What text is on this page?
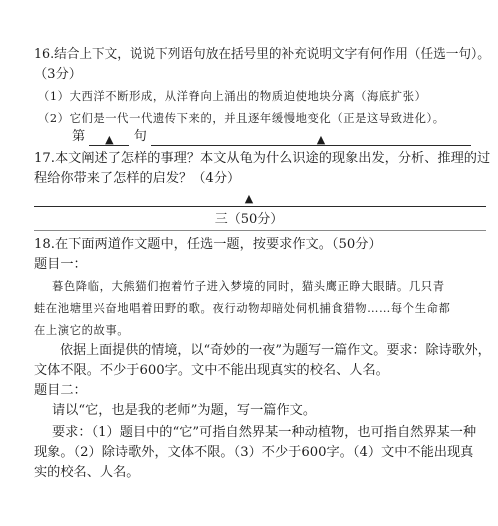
16.结合上下文，说说下列语句放在括号里的补充说明文字有何作用（任选一句）。
（3分）
（1）大西洋不断形成，从洋脊向上涌出的物质迫使地块分离（海底扩张）
（2）它们是一代一代遗传下来的，并且逐年缓慢地变化（正是这导致进化）。
第 ▲ 句	▲
17.本文阐述了怎样的事理？本文从龟为什么识途的现象出发，分析、推理的过
程给你带来了怎样的启发？（4分）
▲
三（50分）
18.在下面两道作文题中，任选一题，按要求作文。（50分）
题目一：
暮色降临，大熊猫们抱着竹子进入梦境的同时，猫头鹰正睁大眼睛。几只青
蛙在池塘里兴奋地唱着田野的歌。夜行动物却暗处伺机捕食猎物……每个生命都
在上演它的故事。
依据上面提供的情境，以“奇妙的一夜”为题写一篇作文。要求：除诗歌外，
文体不限。不少于600字。文中不能出现真实的校名、人名。
题目二：
请以“它，也是我的老师”为题，写一篇作文。
要求：（1）题目中的“它”可指自然界某一种动植物，也可指自然界某一种
现象。（2）除诗歌外，文体不限。（3）不少于600字。（4）文中不能出现真
实的校名、人名。
